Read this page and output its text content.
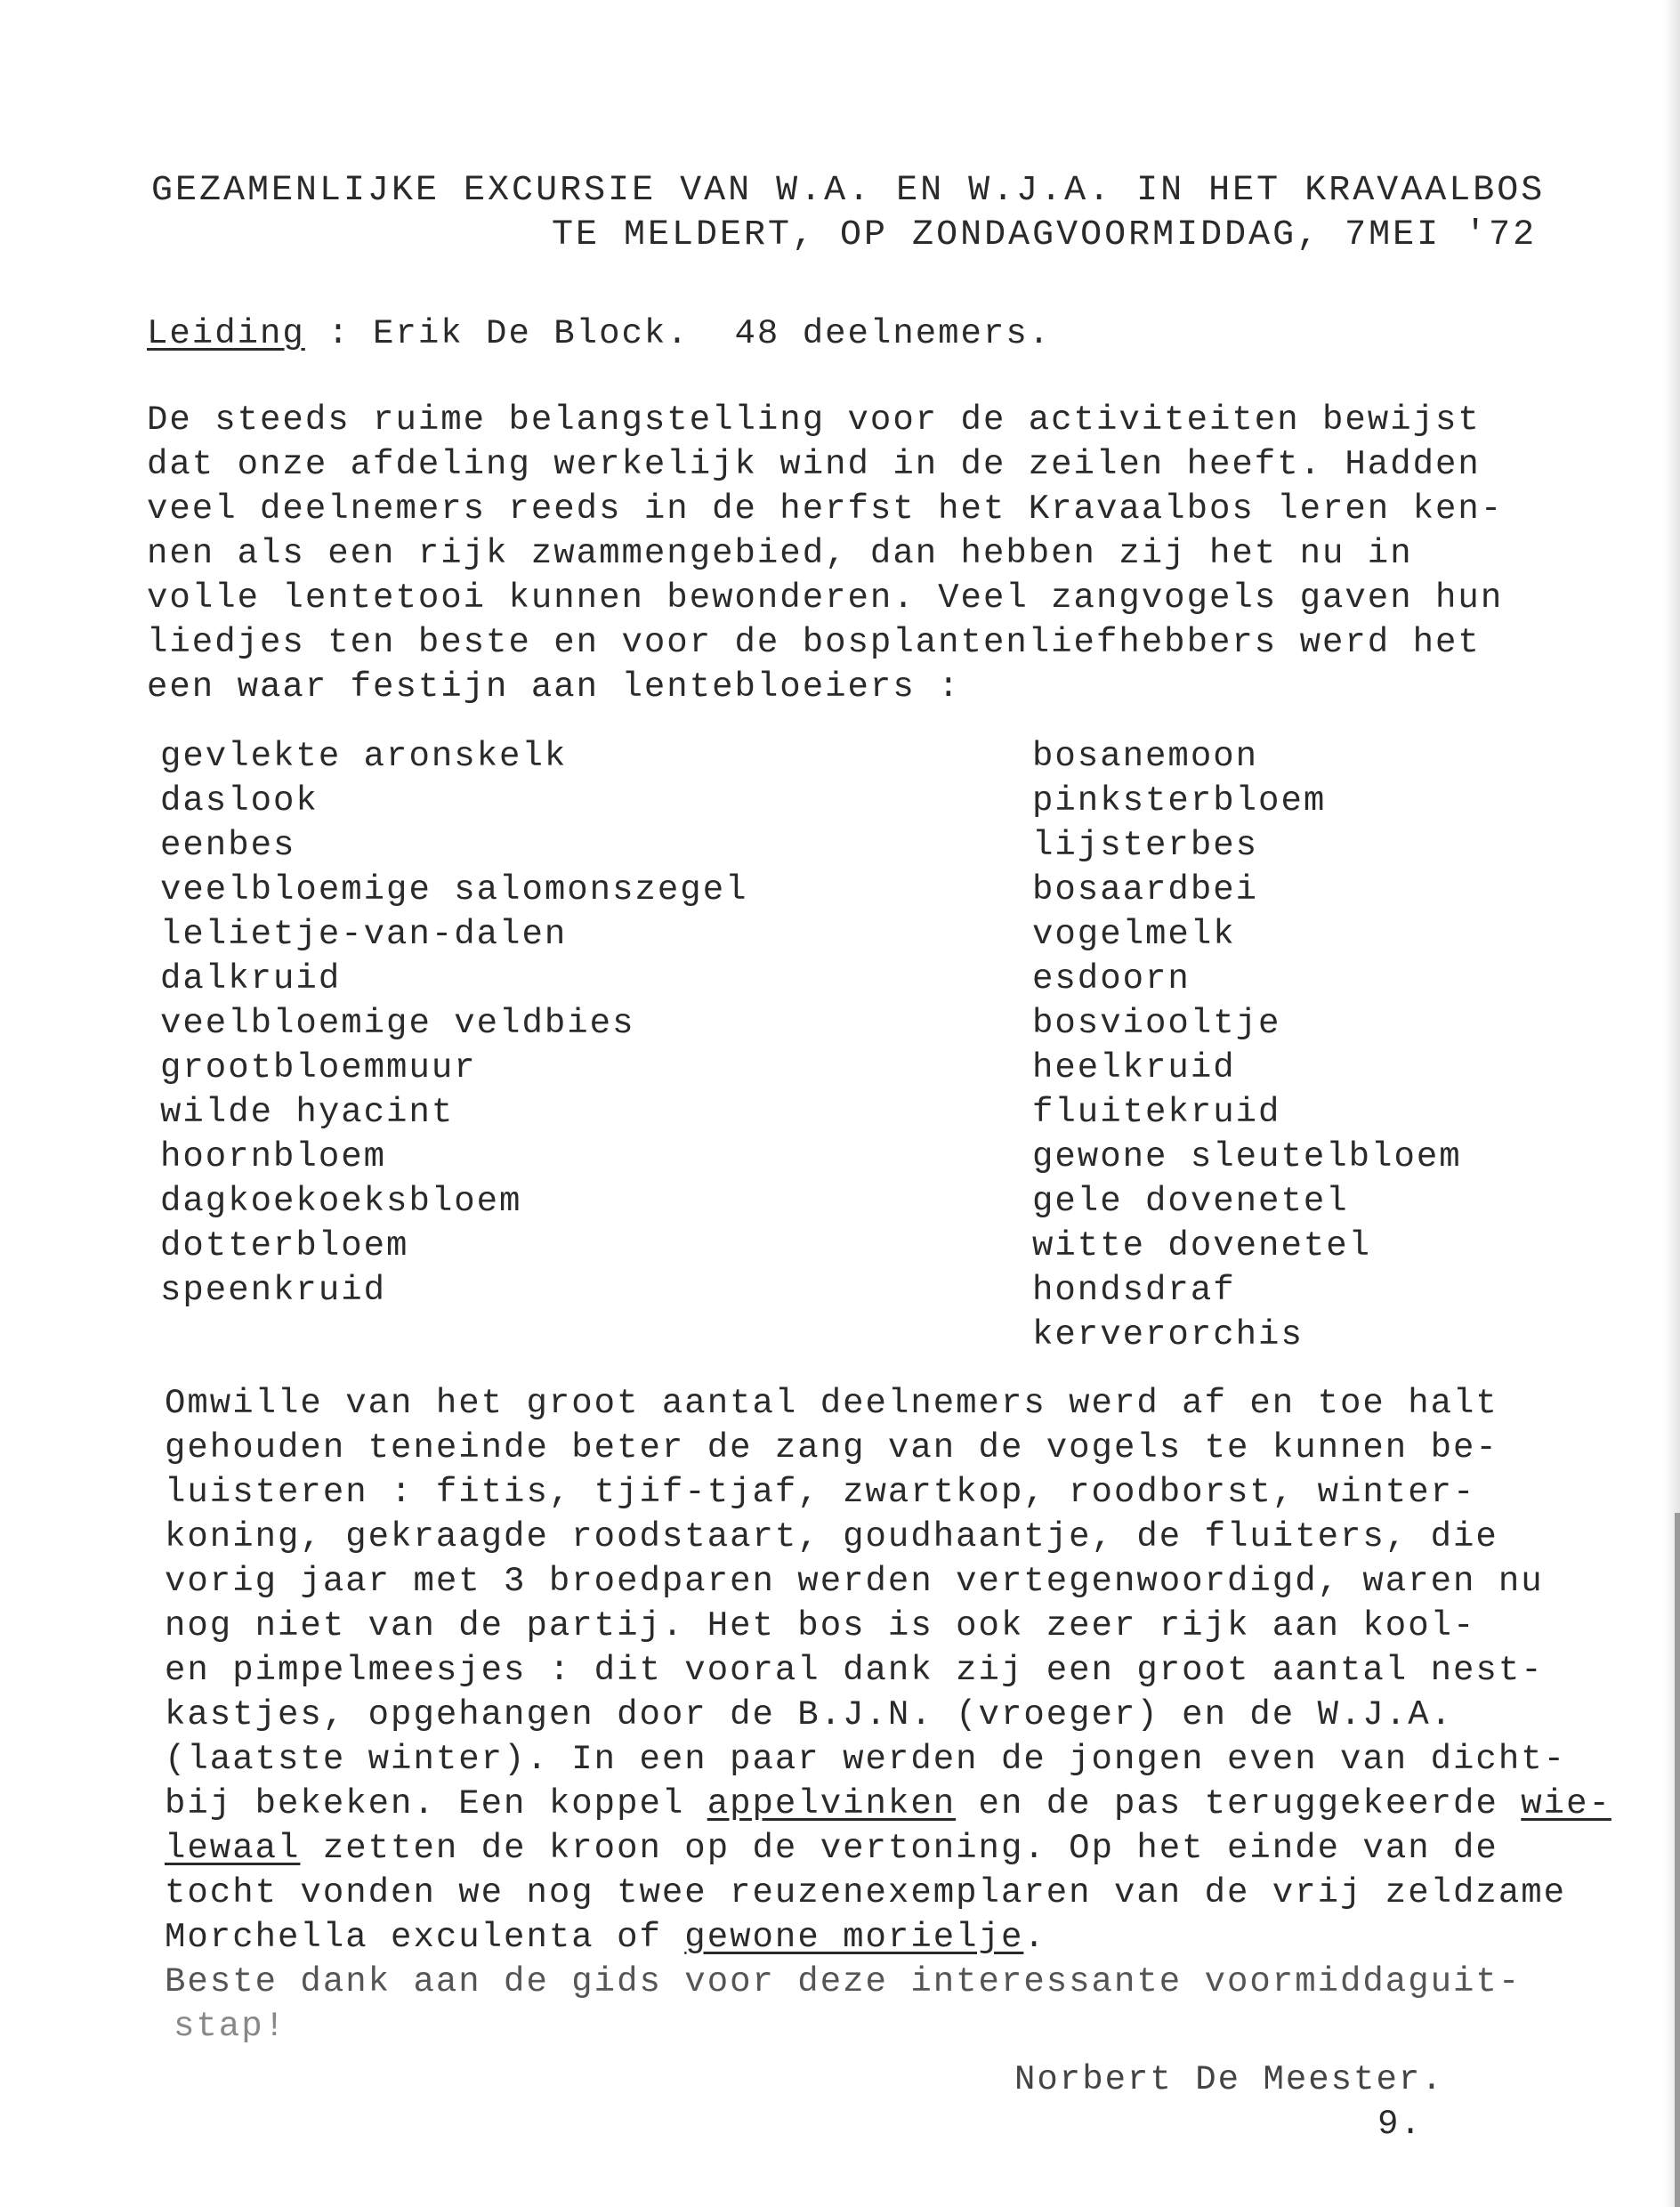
GEZAMENLIJKE EXCURSIE VAN W.A. EN W.J.A. IN HET KRAVAALBOS
TE MELDERT, OP ZONDAGVOORMIDDAG, 7MEI '72
Leiding : Erik De Block.  48 deelnemers.
De steeds ruime belangstelling voor de activiteiten bewijst
dat onze afdeling werkelijk wind in de zeilen heeft. Hadden
veel deelnemers reeds in de herfst het Kravaalbos leren ken-
nen als een rijk zwammengebied, dan hebben zij het nu in
volle lentetooi kunnen bewonderen. Veel zangvogels gaven hun
liedjes ten beste en voor de bosplantenliefhebbers werd het
een waar festijn aan lentebloeiers :
gevlekte aronskelk
daslook
eenbes
veelbloemige salomonszegel
lelietje-van-dalen
dalkruid
veelbloemige veldbies
grootbloemmuur
wilde hyacint
hoornbloem
dagkoekoeksbloem
dotterbloem
speenkruid
bosanemoon
pinksterbloem
lijsterbes
bosaardbei
vogelmelk
esdoorn
bosviooltje
heelkruid
fluitekruid
gewone sleutelbloem
gele dovenetel
witte dovenetel
hondsdraf
kerverorchis
Omwille van het groot aantal deelnemers werd af en toe halt
gehouden teneinde beter de zang van de vogels te kunnen be-
luisteren : fitis, tjif-tjaf, zwartkop, roodborst, winter-
koning, gekraagde roodstaart, goudhaantje, de fluiters, die
vorig jaar met 3 broedparen werden vertegenwoordigd, waren nu
nog niet van de partij. Het bos is ook zeer rijk aan kool-
en pimpelmeesjes : dit vooral dank zij een groot aantal nest-
kastjes, opgehangen door de B.J.N. (vroeger) en de W.J.A.
(laatste winter). In een paar werden de jongen even van dicht-
bij bekeken. Een koppel appelvinken en de pas teruggekeerde wie-
lewaal zetten de kroon op de vertoning. Op het einde van de
tocht vonden we nog twee reuzenexemplaren van de vrij zeldzame
Morchella exculenta of gewone morielje.
Beste dank aan de gids voor deze interessante voormiddaguit-
stap!
Norbert De Meester.
9.
